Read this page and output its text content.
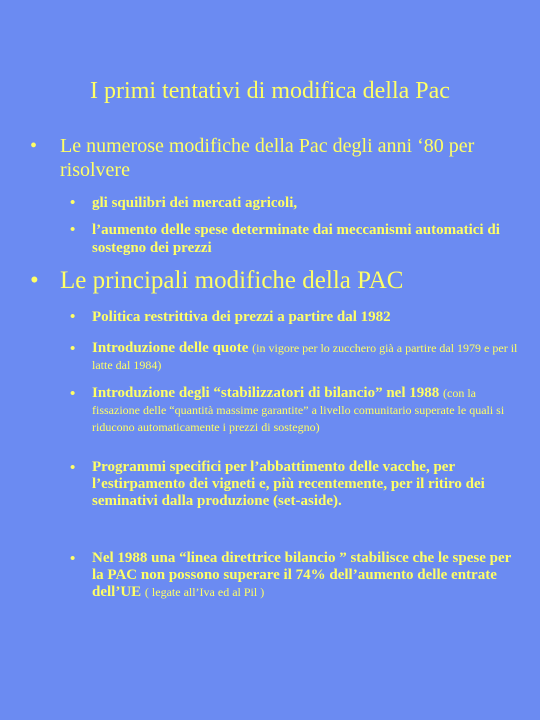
I primi tentativi di modifica della Pac
• Le numerose modifiche della Pac degli anni ‘80 per risolvere
• gli squilibri dei mercati agricoli,
• l’aumento delle spese determinate dai meccanismi automatici di sostegno dei prezzi
• Le principali modifiche della PAC
• Politica restrittiva dei prezzi a partire dal 1982
• Introduzione delle quote (in vigore per lo zucchero già a partire dal 1979 e per il latte dal 1984)
• Introduzione degli “stabilizzatori di bilancio” nel 1988 (con la fissazione delle “quantità massime garantite” a livello comunitario superate le quali si riducono automaticamente i prezzi di sostegno)
• Programmi specifici per l’abbattimento delle vacche, per l’estirpamento dei vigneti e, più recentemente, per il ritiro dei seminativi dalla produzione (set-aside).
• Nel 1988 una “linea direttrice bilancio ” stabilisce che le spese per la PAC non possono superare il 74% dell’aumento delle entrate dell’UE ( legate all’Iva ed al Pil )
